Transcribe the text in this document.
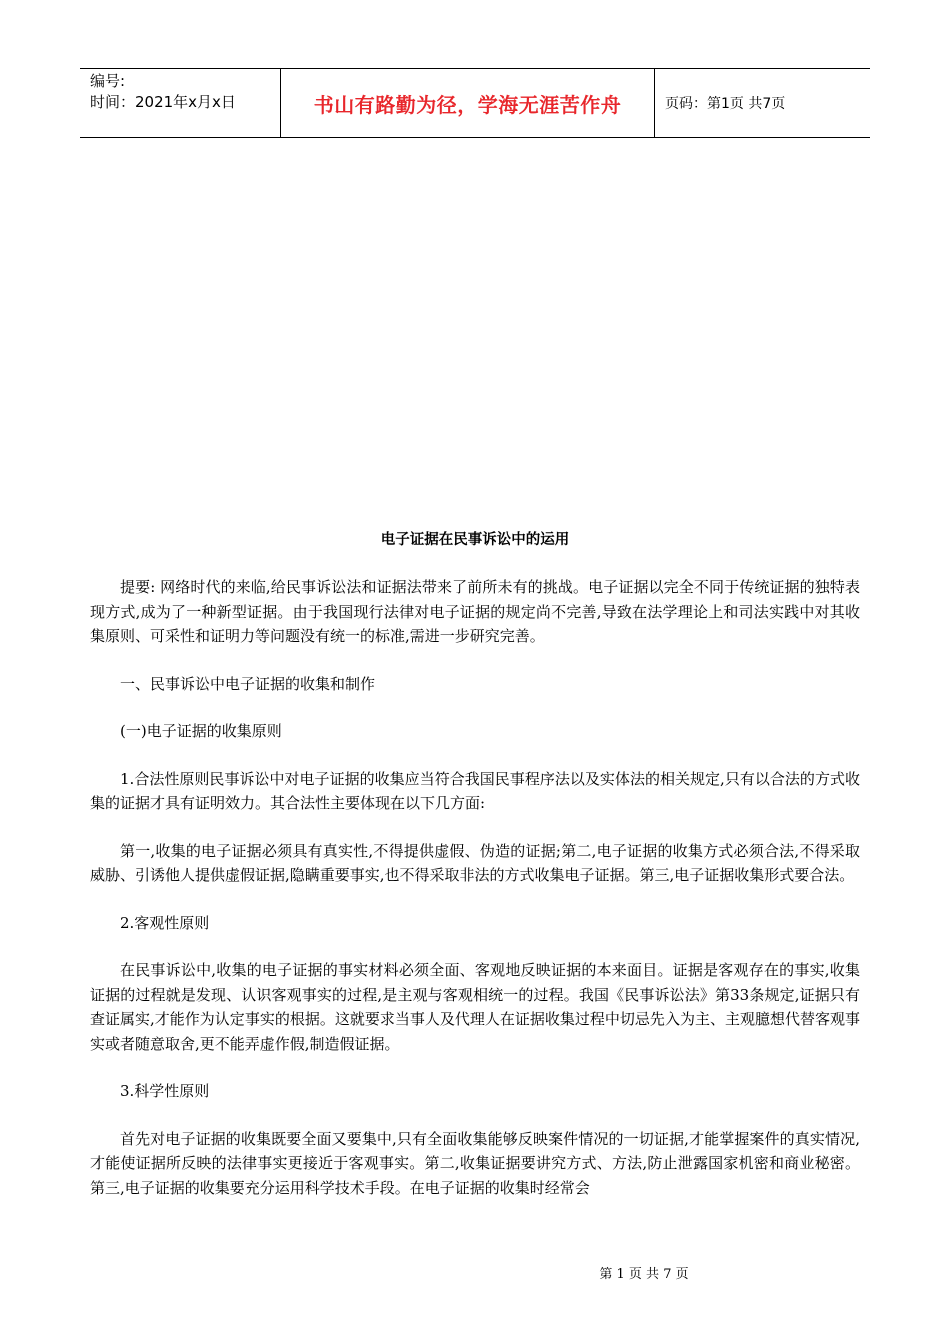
编号:
时间：2021年x月x日	书山有路勤为径，学海无涯苦作舟	页码：第1页 共7页
电子证据在民事诉讼中的运用

提要: 网络时代的来临,给民事诉讼法和证据法带来了前所未有的挑战。电子证据以完全不同于传统证据的独特表现方式,成为了一种新型证据。由于我国现行法律对电子证据的规定尚不完善,导致在法学理论上和司法实践中对其收集原则、可采性和证明力等问题没有统一的标准,需进一步研究完善。

一、民事诉讼中电子证据的收集和制作

(一)电子证据的收集原则

1.合法性原则民事诉讼中对电子证据的收集应当符合我国民事程序法以及实体法的相关规定,只有以合法的方式收集的证据才具有证明效力。其合法性主要体现在以下几方面:

第一,收集的电子证据必须具有真实性,不得提供虚假、伪造的证据;第二,电子证据的收集方式必须合法,不得采取威胁、引诱他人提供虚假证据,隐瞒重要事实,也不得采取非法的方式收集电子证据。第三,电子证据收集形式要合法。

2.客观性原则

在民事诉讼中,收集的电子证据的事实材料必须全面、客观地反映证据的本来面目。证据是客观存在的事实,收集证据的过程就是发现、认识客观事实的过程,是主观与客观相统一的过程。我国《民事诉讼法》第33条规定,证据只有查证属实,才能作为认定事实的根据。这就要求当事人及代理人在证据收集过程中切忌先入为主、主观臆想代替客观事实或者随意取舍,更不能弄虚作假,制造假证据。

3.科学性原则

首先对电子证据的收集既要全面又要集中,只有全面收集能够反映案件情况的一切证据,才能掌握案件的真实情况,才能使证据所反映的法律事实更接近于客观事实。第二,收集证据要讲究方式、方法,防止泄露国家机密和商业秘密。第三,电子证据的收集要充分运用科学技术手段。在电子证据的收集时经常会

第 1 页 共 7 页
